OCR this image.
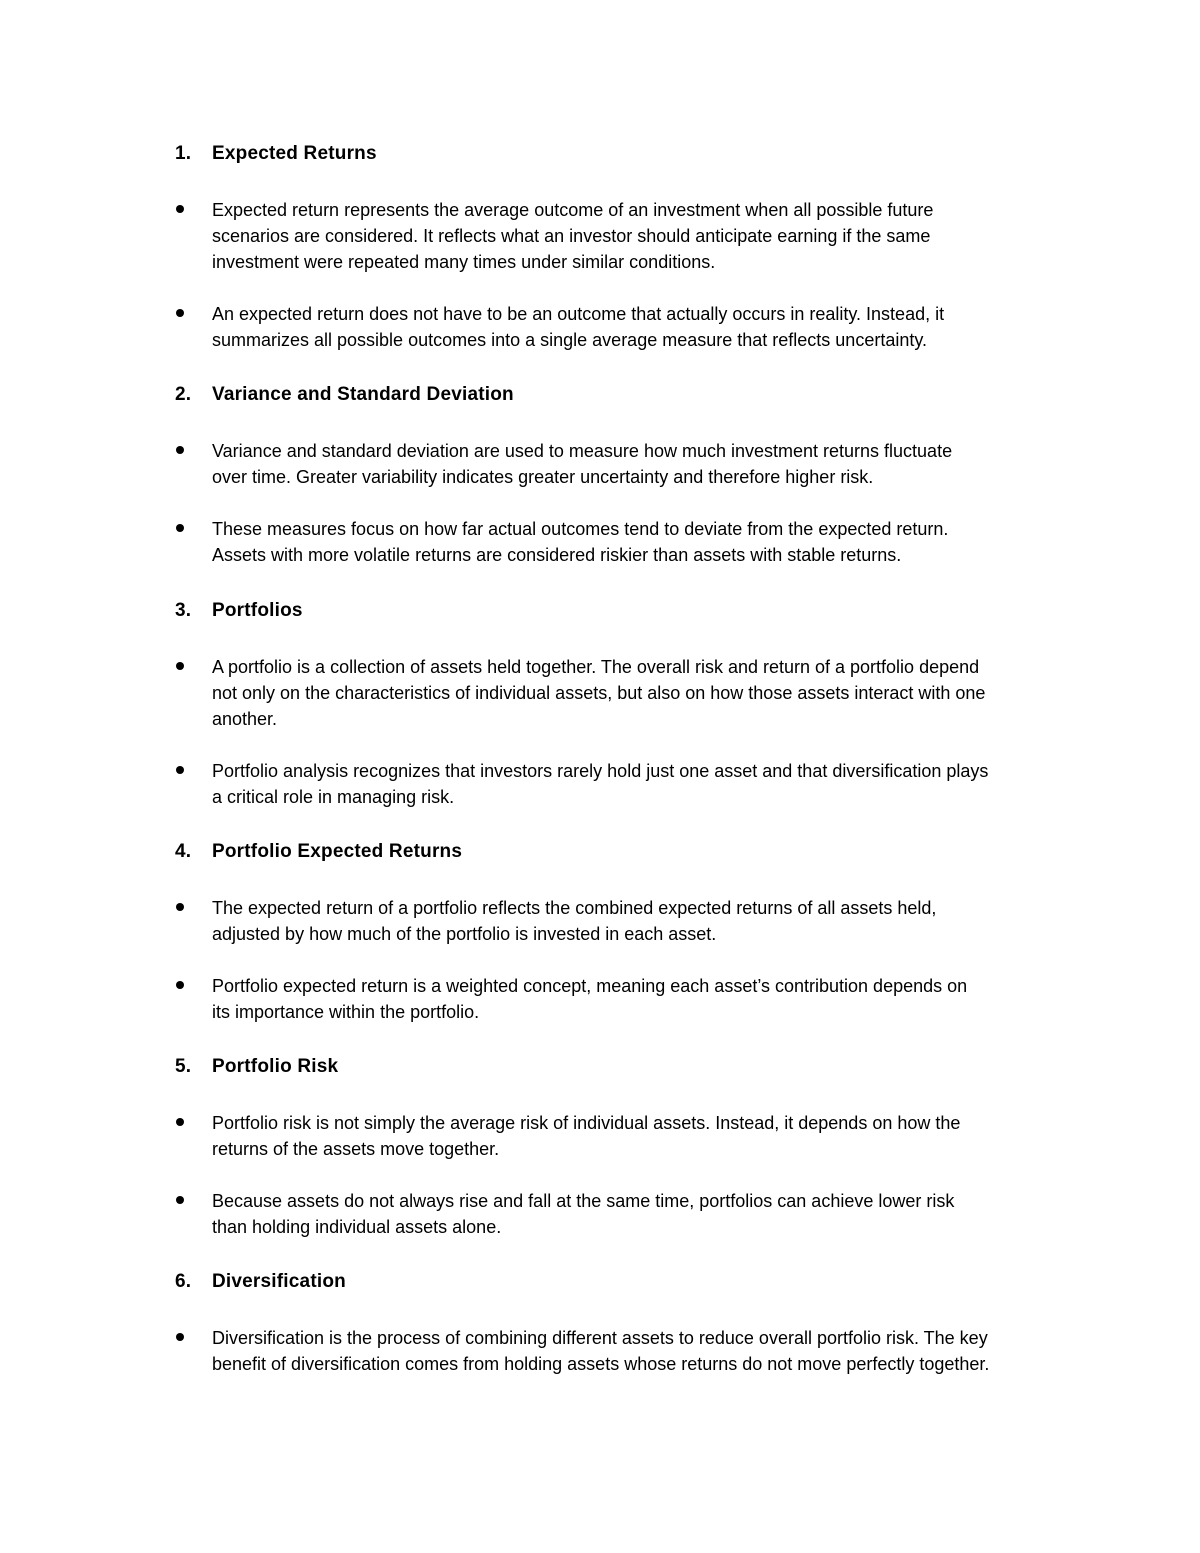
1. Expected Returns
Expected return represents the average outcome of an investment when all possible future
scenarios are considered. It reflects what an investor should anticipate earning if the same
investment were repeated many times under similar conditions.
An expected return does not have to be an outcome that actually occurs in reality. Instead, it
summarizes all possible outcomes into a single average measure that reflects uncertainty.
2. Variance and Standard Deviation
Variance and standard deviation are used to measure how much investment returns fluctuate
over time. Greater variability indicates greater uncertainty and therefore higher risk.
These measures focus on how far actual outcomes tend to deviate from the expected return.
Assets with more volatile returns are considered riskier than assets with stable returns.
3. Portfolios
A portfolio is a collection of assets held together. The overall risk and return of a portfolio depend
not only on the characteristics of individual assets, but also on how those assets interact with one
another.
Portfolio analysis recognizes that investors rarely hold just one asset and that diversification plays
a critical role in managing risk.
4. Portfolio Expected Returns
The expected return of a portfolio reflects the combined expected returns of all assets held,
adjusted by how much of the portfolio is invested in each asset.
Portfolio expected return is a weighted concept, meaning each asset’s contribution depends on
its importance within the portfolio.
5. Portfolio Risk
Portfolio risk is not simply the average risk of individual assets. Instead, it depends on how the
returns of the assets move together.
Because assets do not always rise and fall at the same time, portfolios can achieve lower risk
than holding individual assets alone.
6. Diversification
Diversification is the process of combining different assets to reduce overall portfolio risk. The key
benefit of diversification comes from holding assets whose returns do not move perfectly together.
